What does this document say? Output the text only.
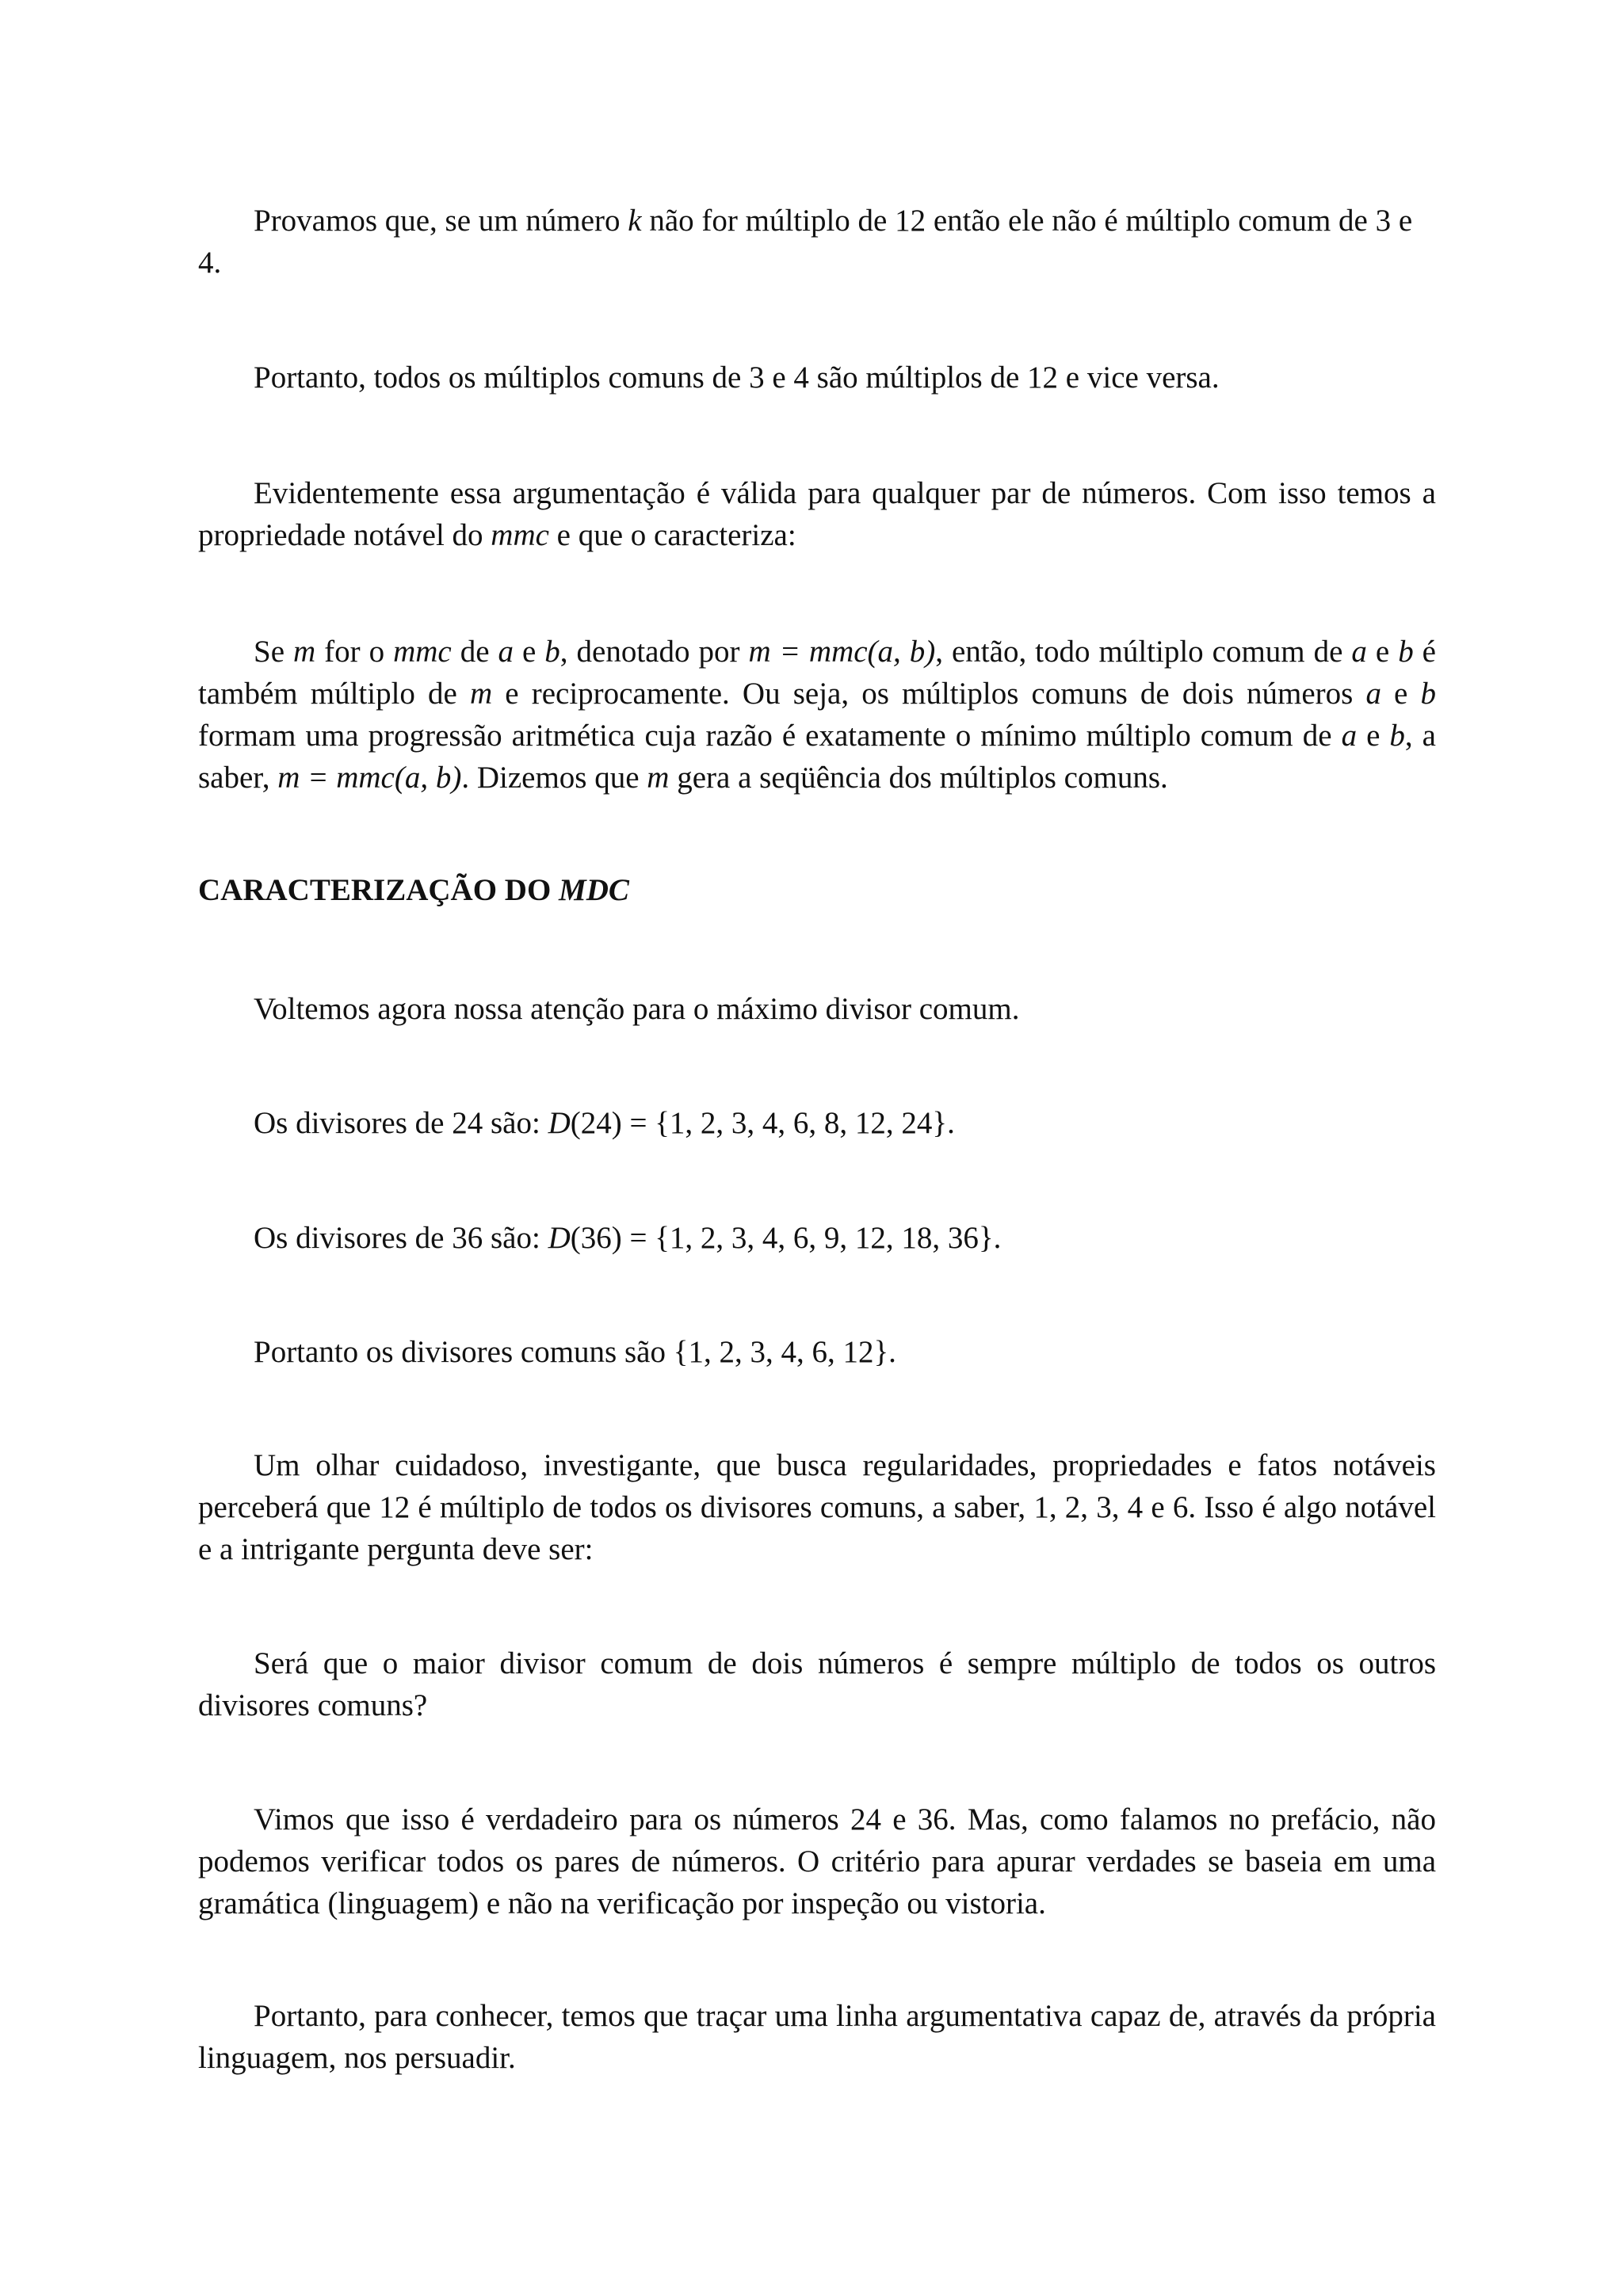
Provamos que, se um número k não for múltiplo de 12 então ele não é múltiplo comum de 3 e
4.

Portanto, todos os múltiplos comuns de 3 e 4 são múltiplos de 12 e vice versa.

Evidentemente essa argumentação é válida para qualquer par de números. Com isso temos a propriedade notável do mmc e que o caracteriza:

Se m for o mmc de a e b, denotado por m = mmc(a, b), então, todo múltiplo comum de a e b é também múltiplo de m e reciprocamente. Ou seja, os múltiplos comuns de dois números a e b formam uma progressão aritmética cuja razão é exatamente o mínimo múltiplo comum de a e b, a saber, m = mmc(a, b). Dizemos que m gera a seqüência dos múltiplos comuns.

CARACTERIZAÇÃO DO MDC

Voltemos agora nossa atenção para o máximo divisor comum.

Os divisores de 24 são: D(24) = {1, 2, 3, 4, 6, 8, 12, 24}.

Os divisores de 36 são: D(36) = {1, 2, 3, 4, 6, 9, 12, 18, 36}.

Portanto os divisores comuns são {1, 2, 3, 4, 6, 12}.

Um olhar cuidadoso, investigante, que busca regularidades, propriedades e fatos notáveis perceberá que 12 é múltiplo de todos os divisores comuns, a saber, 1, 2, 3, 4 e 6. Isso é algo notável e a intrigante pergunta deve ser:

Será que o maior divisor comum de dois números é sempre múltiplo de todos os outros divisores comuns?

Vimos que isso é verdadeiro para os números 24 e 36. Mas, como falamos no prefácio, não podemos verificar todos os pares de números. O critério para apurar verdades se baseia em uma gramática (linguagem) e não na verificação por inspeção ou vistoria.

Portanto, para conhecer, temos que traçar uma linha argumentativa capaz de, através da própria linguagem, nos persuadir.
